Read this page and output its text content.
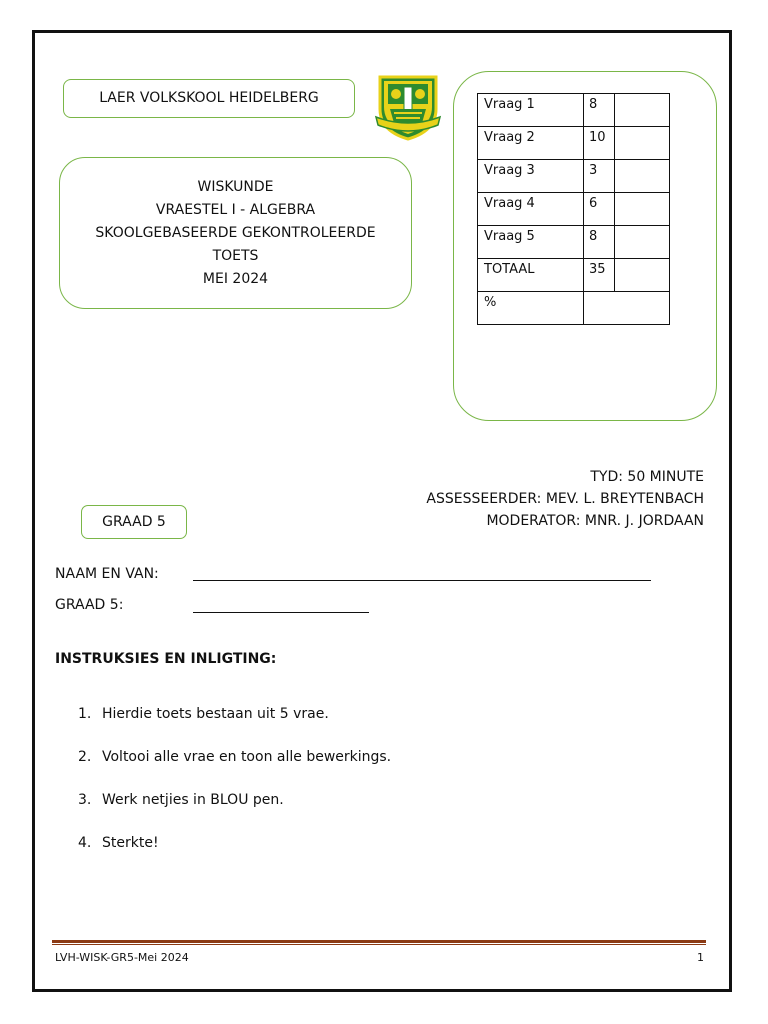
LAER VOLKSKOOL HEIDELBERG
WISKUNDE
VRAESTEL I - ALGEBRA
SKOOLGEBASEERDE GEKONTROLEERDE
TOETS
MEI 2024
Vraag 1	8	
Vraag 2	10	
Vraag 3	3	
Vraag 4	6	
Vraag 5	8	
TOTAAL	35	
%		
TYD: 50 MINUTE
ASSESSEERDER: MEV. L. BREYTENBACH
MODERATOR: MNR. J. JORDAAN
GRAAD 5
NAAM EN VAN:
GRAAD 5:
INSTRUKSIES EN INLIGTING:
1. Hierdie toets bestaan uit 5 vrae.
2. Voltooi alle vrae en toon alle bewerkings.
3. Werk netjies in BLOU pen.
4. Sterkte!
LVH-WISK-GR5-Mei 2024	1
